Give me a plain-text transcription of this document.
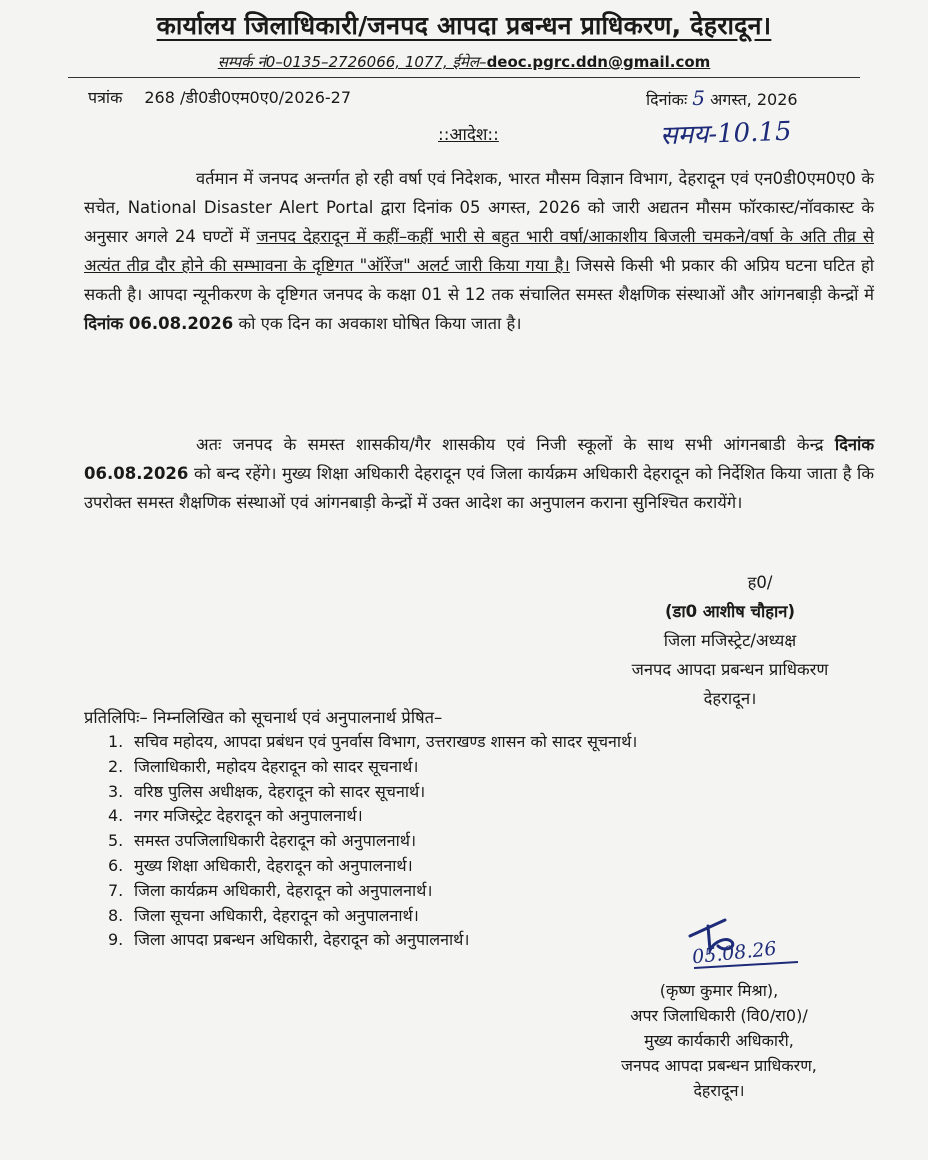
कार्यालय जिलाधिकारी/जनपद आपदा प्रबन्धन प्राधिकरण, देहरादून।
सम्पर्क नं0–0135–2726066, 1077, ईमेल–deoc.pgrc.ddn@gmail.com
पत्रांक 268 /डी0डी0एम0ए0/2026-27	दिनांकः 5 अगस्त, 2026
::आदेश::	समय-10.15

वर्तमान में जनपद अन्तर्गत हो रही वर्षा एवं निदेशक, भारत मौसम विज्ञान विभाग, देहरादून एवं एन0डी0एम0ए0 के सचेत, National Disaster Alert Portal द्वारा दिनांक 05 अगस्त, 2026 को जारी अद्यतन मौसम फॉरकास्ट/नॉवकास्ट के अनुसार अगले 24 घण्टों में जनपद देहरादून में कहीं–कहीं भारी से बहुत भारी वर्षा/आकाशीय बिजली चमकने/वर्षा के अति तीव्र से अत्यंत तीव्र दौर होने की सम्भावना के दृष्टिगत "ऑरेंज" अलर्ट जारी किया गया है। जिससे किसी भी प्रकार की अप्रिय घटना घटित हो सकती है। आपदा न्यूनीकरण के दृष्टिगत जनपद के कक्षा 01 से 12 तक संचालित समस्त शैक्षणिक संस्थाओं और आंगनबाड़ी केन्द्रों में दिनांक 06.08.2026 को एक दिन का अवकाश घोषित किया जाता है।

अतः जनपद के समस्त शासकीय/गैर शासकीय एवं निजी स्कूलों के साथ सभी आंगनबाडी केन्द्र दिनांक 06.08.2026 को बन्द रहेंगे। मुख्य शिक्षा अधिकारी देहरादून एवं जिला कार्यक्रम अधिकारी देहरादून को निर्देशित किया जाता है कि उपरोक्त समस्त शैक्षणिक संस्थाओं एवं आंगनबाड़ी केन्द्रों में उक्त आदेश का अनुपालन कराना सुनिश्चित करायेंगे।

ह0/
(डा0 आशीष चौहान)
जिला मजिस्ट्रेट/अध्यक्ष
जनपद आपदा प्रबन्धन प्राधिकरण
देहरादून।
प्रतिलिपिः– निम्नलिखित को सूचनार्थ एवं अनुपालनार्थ प्रेषित–
1. सचिव महोदय, आपदा प्रबंधन एवं पुनर्वास विभाग, उत्तराखण्ड शासन को सादर सूचनार्थ।
2. जिलाधिकारी, महोदय देहरादून को सादर सूचनार्थ।
3. वरिष्ठ पुलिस अधीक्षक, देहरादून को सादर सूचनार्थ।
4. नगर मजिस्ट्रेट देहरादून को अनुपालनार्थ।
5. समस्त उपजिलाधिकारी देहरादून को अनुपालनार्थ।
6. मुख्य शिक्षा अधिकारी, देहरादून को अनुपालनार्थ।
7. जिला कार्यक्रम अधिकारी, देहरादून को अनुपालनार्थ।
8. जिला सूचना अधिकारी, देहरादून को अनुपालनार्थ।
9. जिला आपदा प्रबन्धन अधिकारी, देहरादून को अनुपालनार्थ।	05.08.26
(कृष्ण कुमार मिश्रा),
अपर जिलाधिकारी (वि0/रा0)/
मुख्य कार्यकारी अधिकारी,
जनपद आपदा प्रबन्धन प्राधिकरण,
देहरादून।
